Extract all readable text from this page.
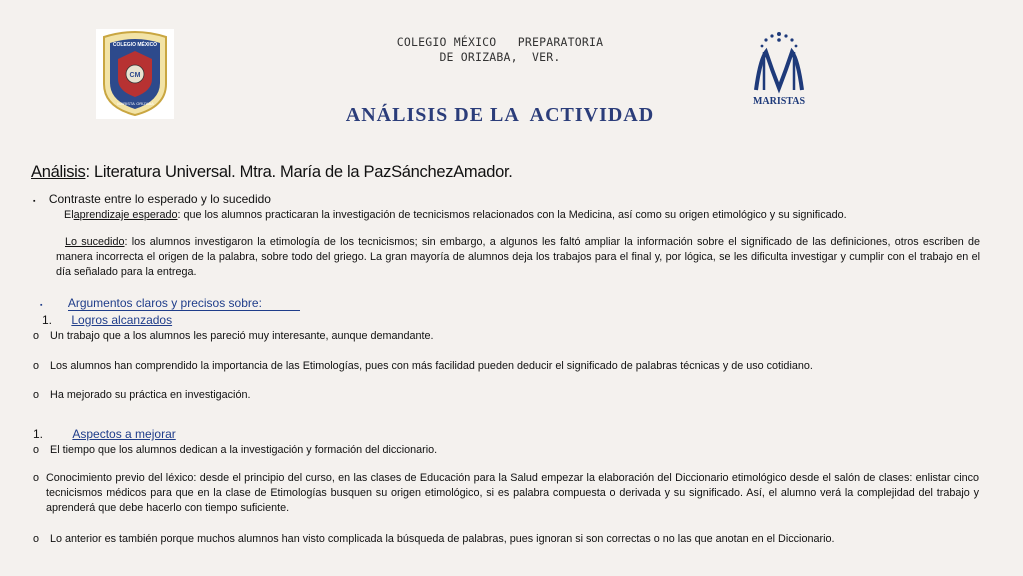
CM
COLEGIO MÉXICO
MARISTA ORIZABA
COLEGIO MÉXICO   PREPARATORIA
DE ORIZABA,  VER.
ANÁLISIS DE LA  ACTIVIDAD
MARISTAS
Análisis: Literatura Universal. Mtra. María de la PazSánchezAmador.
▪ Contraste entre lo esperado y lo sucedido
Elaprendizaje esperado: que los alumnos practicaran la investigación de tecnicismos relacionados con la Medicina, así como su origen etimológico y su significado.
Lo sucedido: los alumnos investigaron la etimología de los tecnicismos; sin embargo, a algunos les faltó ampliar la información sobre el significado de las definiciones, otros escriben de manera incorrecta el origen de la palabra, sobre todo del griego. La gran mayoría de alumnos deja los trabajos para el final y, por lógica, se les dificulta investigar y cumplir con el trabajo en el día señalado para la entrega.
▪ Argumentos claros y precisos sobre:
1. Logros alcanzados
o Un trabajo que a los alumnos les pareció muy interesante, aunque demandante.
o Los alumnos han comprendido la importancia de las Etimologías, pues con más facilidad pueden deducir el significado de palabras técnicas y de uso cotidiano.
o Ha mejorado su práctica en investigación.
1. Aspectos a mejorar
o El tiempo que los alumnos dedican a la investigación y formación del diccionario.
o Conocimiento previo del léxico: desde el principio del curso, en las clases de Educación para la Salud empezar la elaboración del Diccionario etimológico desde el salón de clases: enlistar cinco tecnicismos médicos para que en la clase de Etimologías busquen su origen etimológico, si es palabra compuesta o derivada y su significado. Así, el alumno verá la complejidad del trabajo y aprenderá que debe hacerlo con tiempo suficiente.
o Lo anterior es también porque muchos alumnos han visto complicada la búsqueda de palabras, pues ignoran si son correctas o no las que anotan en el Diccionario.
